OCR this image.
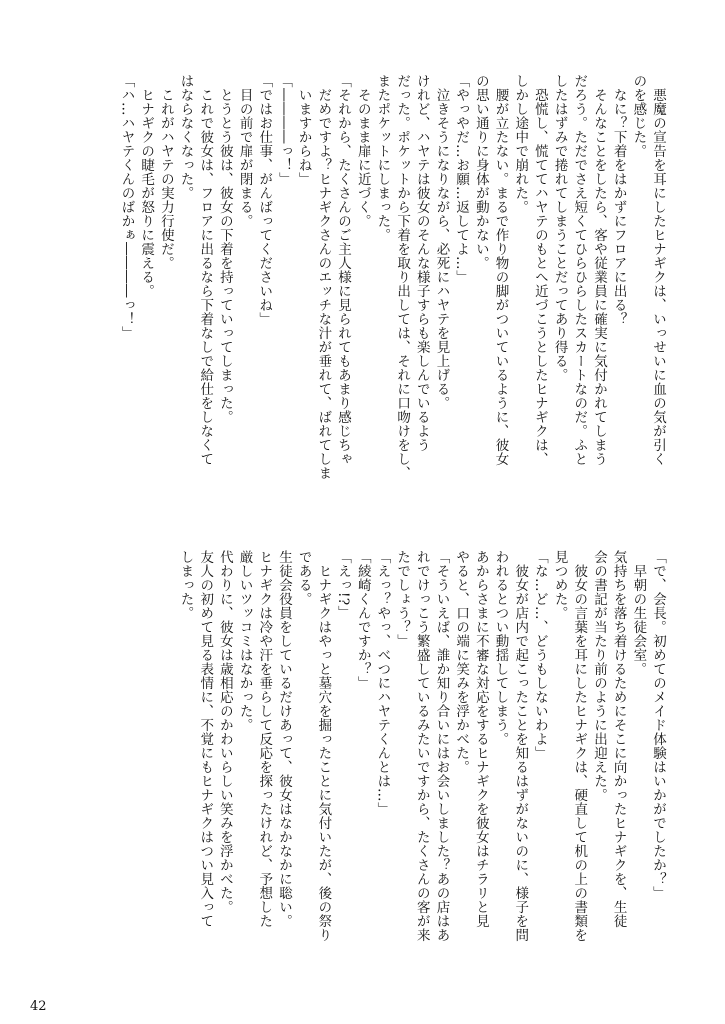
悪魔の宣告を耳にしたヒナギクは、いっせいに血の気が引く
のを感じた。
なに？下着をはかずにフロアに出る？
そんなことをしたら、客や従業員に確実に気付かれてしまう
だろう。ただでさえ短くてひらひらしたスカートなのだ。ふと
したはずみで捲れてしまうことだってあり得る。
恐慌し、慌ててハヤテのもとへ近づこうとしたヒナギクは、
しかし途中で崩れた。
腰が立たない。まるで作り物の脚がついているように、彼女
の思い通りに身体が動かない。
「やっやだ…お願…返してよ…」
泣きそうになりながら、必死にハヤテを見上げる。
けれど、ハヤテは彼女のそんな様子すらも楽しんでいるよう
だった。ポケットから下着を取り出しては、それに口吻けをし、
またポケットにしまった。
そのまま扉に近づく。
「それから、たくさんのご主人様に見られてもあまり感じちゃ
だめですよ？ヒナギクさんのエッチな汁が垂れて、ばれてしま
いますからね」
「――――っ！」
「ではお仕事、がんばってくださいね」
目の前で扉が閉まる。
とうとう彼は、彼女の下着を持っていってしまった。
これで彼女は、フロアに出るなら下着なしで給仕をしなくて
はならなくなった。
これがハヤテの実力行使だ。
ヒナギクの睫毛が怒りに震える。
「ハ…ハヤテくんのばかぁ――――っ！」
「で、会長。初めてのメイド体験はいかがでしたか？」
早朝の生徒会室。
気持ちを落ち着けるためにそこに向かったヒナギクを、生徒
会の書記が当たり前のように出迎えた。
彼女の言葉を耳にしたヒナギクは、硬直して机の上の書類を
見つめた。
「な…ど…、どうもしないわよ」
彼女が店内で起こったことを知るはずがないのに、様子を問
われるとつい動揺してしまう。
あからさまに不審な対応をするヒナギクを彼女はチラリと見
やると、口の端に笑みを浮かべた。
「そういえば、誰か知り合いにはお会いしました？あの店はあ
れでけっこう繁盛しているみたいですから、たくさんの客が来
たでしょう？」
「えっ？やっ、べつにハヤテくんとは…」
「綾崎くんですか？」
「えっ!?」
ヒナギクはやっと墓穴を掘ったことに気付いたが、後の祭り
である。
生徒会役員をしているだけあって、彼女はなかなかに聡い。
ヒナギクは冷や汗を垂らして反応を探ったけれど、予想した
厳しいツッコミはなかった。
代わりに、彼女は歳相応のかわいらしい笑みを浮かべた。
友人の初めて見る表情に、不覚にもヒナギクはつい見入って
しまった。
42
